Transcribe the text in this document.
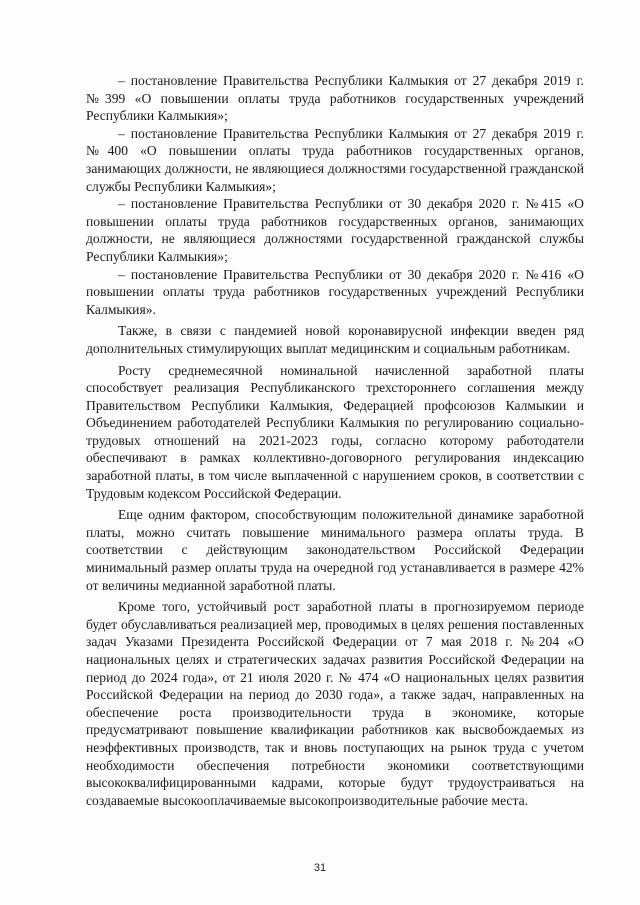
– постановление Правительства Республики Калмыкия от 27 декабря 2019 г. №399 «О повышении оплаты труда работников государственных учреждений Республики Калмыкия»;

– постановление Правительства Республики Калмыкия от 27 декабря 2019 г. №400 «О повышении оплаты труда работников государственных органов, занимающих должности, не являющиеся должностями государственной гражданской службы Республики Калмыкия»;

– постановление Правительства Республики от 30 декабря 2020 г. №415 «О повышении оплаты труда работников государственных органов, занимающих должности, не являющиеся должностями государственной гражданской службы Республики Калмыкия»;

– постановление Правительства Республики от 30 декабря 2020 г. №416 «О повышении оплаты труда работников государственных учреждений Республики Калмыкия».

Также, в связи с пандемией новой коронавирусной инфекции введен ряд дополнительных стимулирующих выплат медицинским и социальным работникам.

Росту среднемесячной номинальной начисленной заработной платы способствует реализация Республиканского трехстороннего соглашения между Правительством Республики Калмыкия, Федерацией профсоюзов Калмыкии и Объединением работодателей Республики Калмыкия по регулированию социально-трудовых отношений на 2021-2023 годы, согласно которому работодатели обеспечивают в рамках коллективно-договорного регулирования индексацию заработной платы, в том числе выплаченной с нарушением сроков, в соответствии с Трудовым кодексом Российской Федерации.

Еще одним фактором, способствующим положительной динамике заработной платы, можно считать повышение минимального размера оплаты труда. В соответствии с действующим законодательством Российской Федерации минимальный размер оплаты труда на очередной год устанавливается в размере 42% от величины медианной заработной платы.

Кроме того, устойчивый рост заработной платы в прогнозируемом периоде будет обуславливаться реализацией мер, проводимых в целях решения поставленных задач Указами Президента Российской Федерации от 7 мая 2018 г. №204 «О национальных целях и стратегических задачах развития Российской Федерации на период до 2024 года», от 21 июля 2020 г. № 474 «О национальных целях развития Российской Федерации на период до 2030 года», а также задач, направленных на обеспечение роста производительности труда в экономике, которые предусматривают повышение квалификации работников как высвобождаемых из неэффективных производств, так и вновь поступающих на рынок труда с учетом необходимости обеспечения потребности экономики соответствующими высококвалифицированными кадрами, которые будут трудоустраиваться на создаваемые высокооплачиваемые высокопроизводительные рабочие места.

31
